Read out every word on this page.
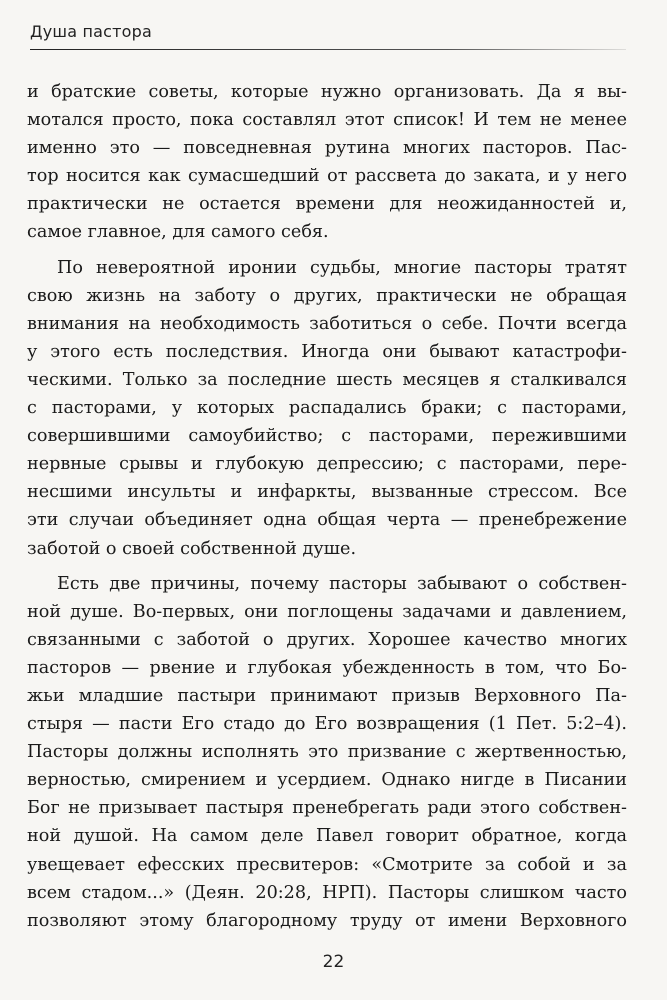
Душа пастора
и братские советы, которые нужно организовать. Да я вы-
мотался просто, пока составлял этот список! И тем не менее
именно это — повседневная рутина многих пасторов. Пас-
тор носится как сумасшедший от рассвета до заката, и у него
практически не остается времени для неожиданностей и,
самое главное, для самого себя.
По невероятной иронии судьбы, многие пасторы тратят
свою жизнь на заботу о других, практически не обращая
внимания на необходимость заботиться о себе. Почти всегда
у этого есть последствия. Иногда они бывают катастрофи-
ческими. Только за последние шесть месяцев я сталкивался
с пасторами, у которых распадались браки; с пасторами,
совершившими самоубийство; с пасторами, пережившими
нервные срывы и глубокую депрессию; с пасторами, пере-
несшими инсульты и инфаркты, вызванные стрессом. Все
эти случаи объединяет одна общая черта — пренебрежение
заботой о своей собственной душе.
Есть две причины, почему пасторы забывают о собствен-
ной душе. Во-первых, они поглощены задачами и давлением,
связанными с заботой о других. Хорошее качество многих
пасторов — рвение и глубокая убежденность в том, что Бо-
жьи младшие пастыри принимают призыв Верховного Па-
стыря — пасти Его стадо до Его возвращения (1 Пет. 5:2–4).
Пасторы должны исполнять это призвание с жертвенностью,
верностью, смирением и усердием. Однако нигде в Писании
Бог не призывает пастыря пренебрегать ради этого собствен-
ной душой. На самом деле Павел говорит обратное, когда
увещевает ефесских пресвитеров: «Смотрите за собой и за
всем стадом...» (Деян. 20:28, НРП). Пасторы слишком часто
позволяют этому благородному труду от имени Верховного
22
